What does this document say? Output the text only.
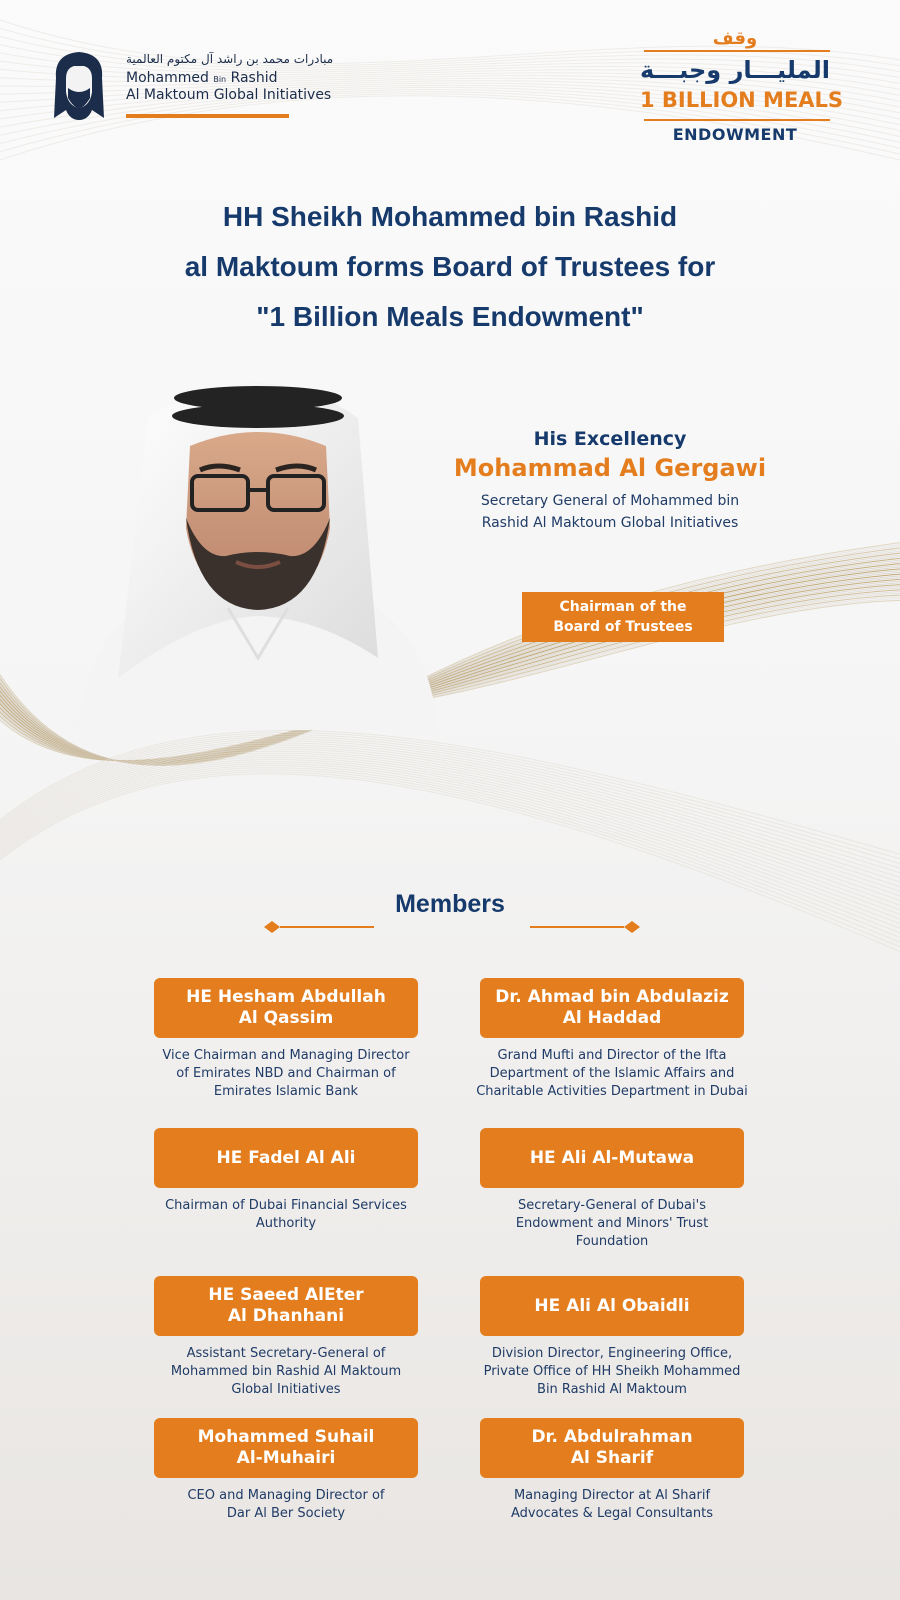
مبادرات محمد بن راشد آل مكتوم العالمية
Mohammed Bin Rashid
Al Maktoum Global Initiatives
وقف
المليـــار وجبـــة
1 BILLION MEALS
ENDOWMENT
HH Sheikh Mohammed bin Rashid
al Maktoum forms Board of Trustees for
"1 Billion Meals Endowment"
His Excellency
Mohammad Al Gergawi
Secretary General of Mohammed bin
Rashid Al Maktoum Global Initiatives
Chairman of the
Board of Trustees
Members
HE Hesham Abdullah
Al Qassim
Vice Chairman and Managing Director
of Emirates NBD and Chairman of
Emirates Islamic Bank
Dr. Ahmad bin Abdulaziz
Al Haddad
Grand Mufti and Director of the Ifta
Department of the Islamic Affairs and
Charitable Activities Department in Dubai
HE Fadel Al Ali
Chairman of Dubai Financial Services
Authority
HE Ali Al-Mutawa
Secretary-General of Dubai's
Endowment and Minors' Trust
Foundation
HE Saeed AlEter
Al Dhanhani
Assistant Secretary-General of
Mohammed bin Rashid Al Maktoum
Global Initiatives
HE Ali Al Obaidli
Division Director, Engineering Office,
Private Office of HH Sheikh Mohammed
Bin Rashid Al Maktoum
Mohammed Suhail
Al-Muhairi
CEO and Managing Director of
Dar Al Ber Society
Dr. Abdulrahman
Al Sharif
Managing Director at Al Sharif
Advocates & Legal Consultants
